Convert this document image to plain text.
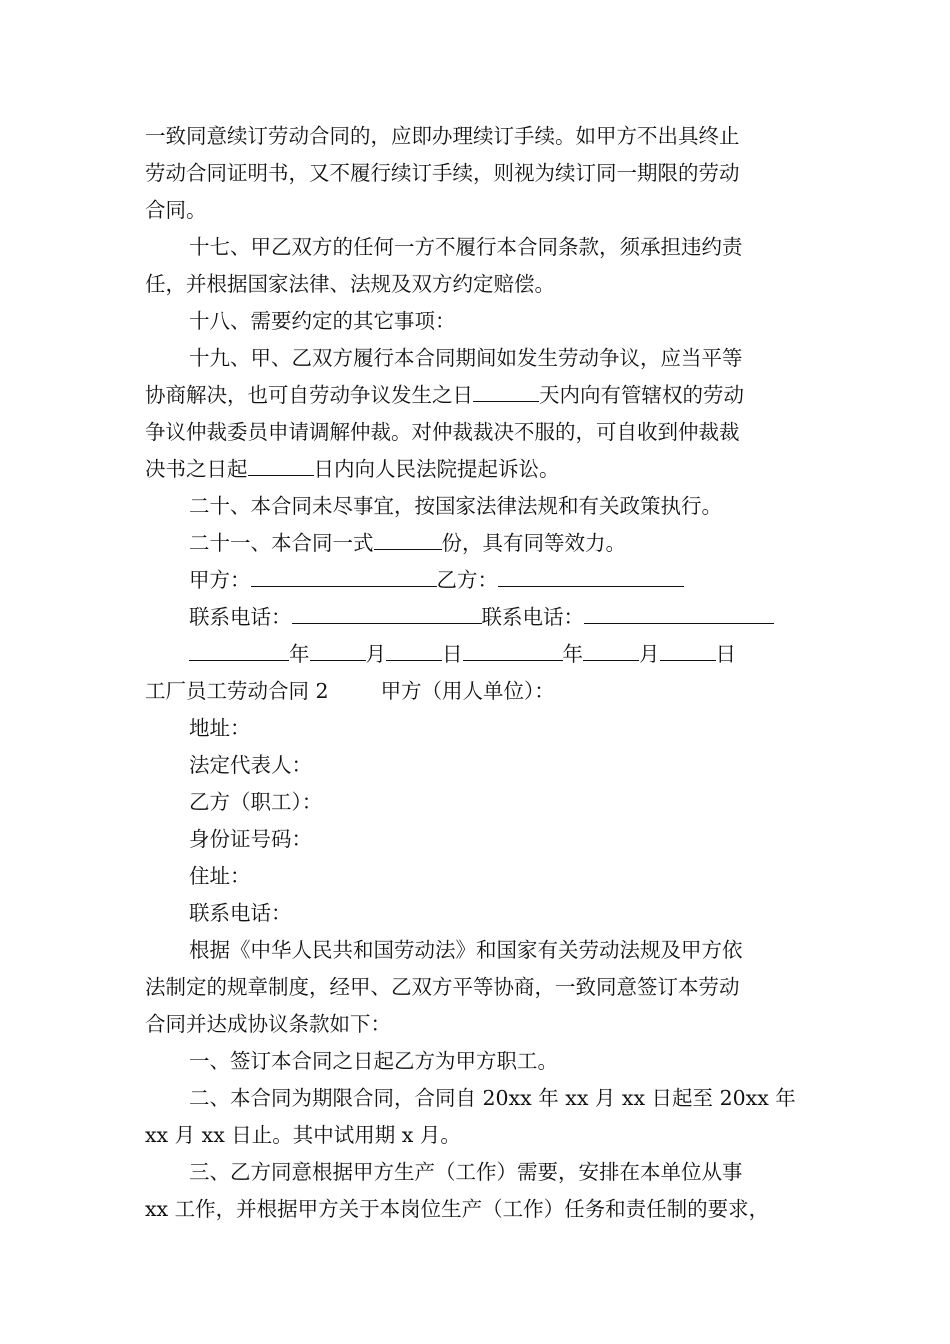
一致同意续订劳动合同的，应即办理续订手续。如甲方不出具终止

劳动合同证明书，又不履行续订手续，则视为续订同一期限的劳动

合同。

十七、甲乙双方的任何一方不履行本合同条款，须承担违约责

任，并根据国家法律、法规及双方约定赔偿。

十八、需要约定的其它事项：

十九、甲、乙双方履行本合同期间如发生劳动争议，应当平等

协商解决，也可自劳动争议发生之日	天内向有管辖权的劳动

争议仲裁委员申请调解仲裁。对仲裁裁决不服的，可自收到仲裁裁

决书之日起	日内向人民法院提起诉讼。

二十、本合同未尽事宜，按国家法律法规和有关政策执行。

二十一、本合同一式	份，具有同等效力。
甲方：	乙方：
联系电话：	联系电话：
年	月	日	年	月	日
工厂员工劳动合同 2	甲方（用人单位）：

地址：

法定代表人：

乙方（职工）：

身份证号码：

住址：

联系电话：

根据《中华人民共和国劳动法》和国家有关劳动法规及甲方依

法制定的规章制度，经甲、乙双方平等协商，一致同意签订本劳动

合同并达成协议条款如下：

一、签订本合同之日起乙方为甲方职工。

二、本合同为期限合同，合同自 20xx 年 xx 月 xx 日起至 20xx 年

xx 月 xx 日止。其中试用期 x 月。

三、乙方同意根据甲方生产（工作）需要，安排在本单位从事

xx 工作，并根据甲方关于本岗位生产（工作）任务和责任制的要求，
